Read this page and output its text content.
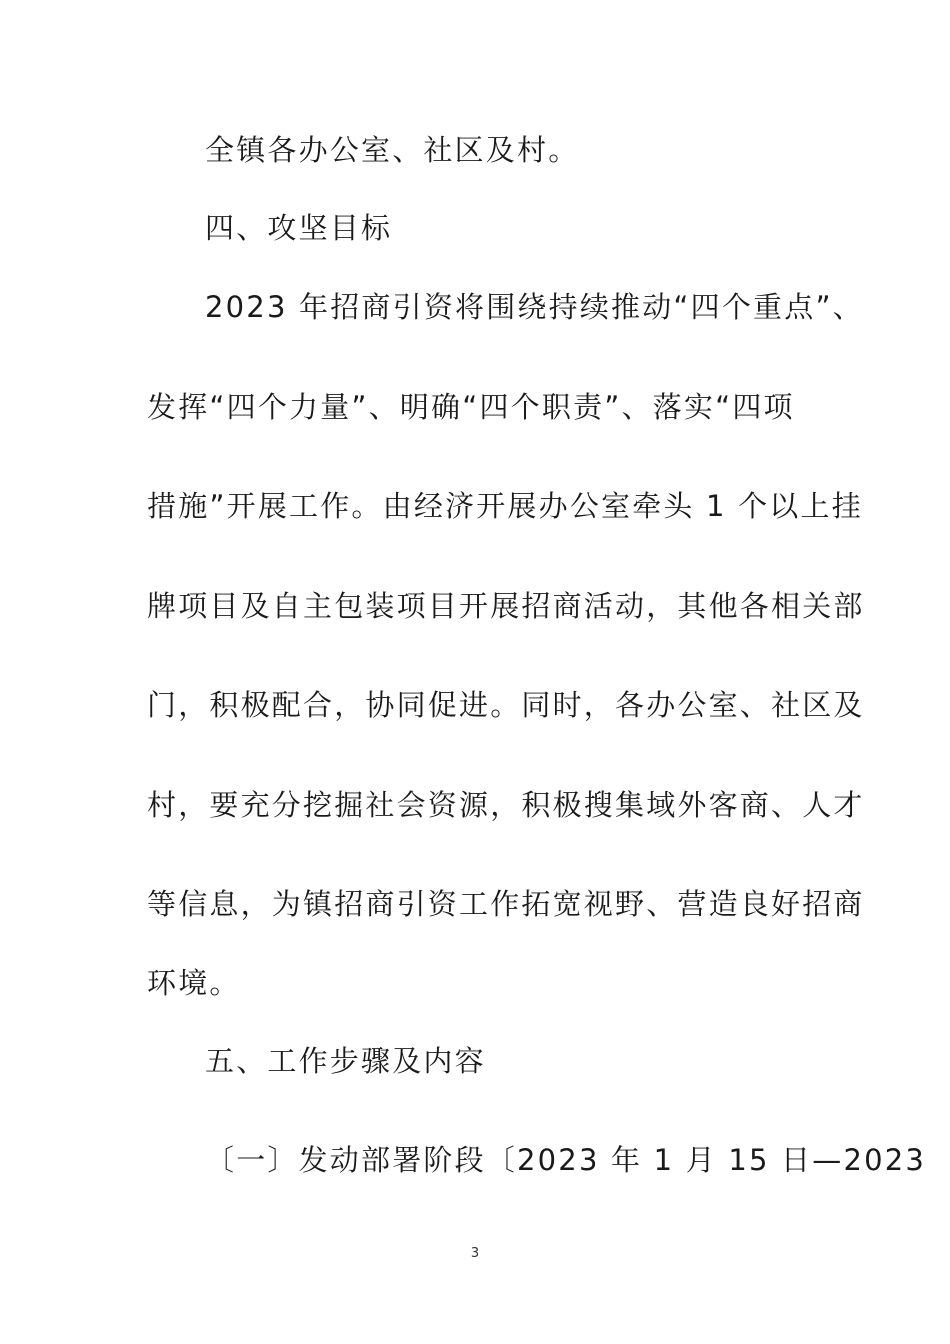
全镇各办公室、社区及村。
四、攻坚目标
2023 年招商引资将围绕持续推动“四个重点”、
发挥“四个力量”、明确“四个职责”、落实“四项
措施”开展工作。由经济开展办公室牵头 1 个以上挂
牌项目及自主包装项目开展招商活动，其他各相关部
门，积极配合，协同促进。同时，各办公室、社区及
村，要充分挖掘社会资源，积极搜集域外客商、人才
等信息，为镇招商引资工作拓宽视野、营造良好招商
环境。
五、工作步骤及内容
〔一〕发动部署阶段〔2023 年 1 月 15 日—2023
3
